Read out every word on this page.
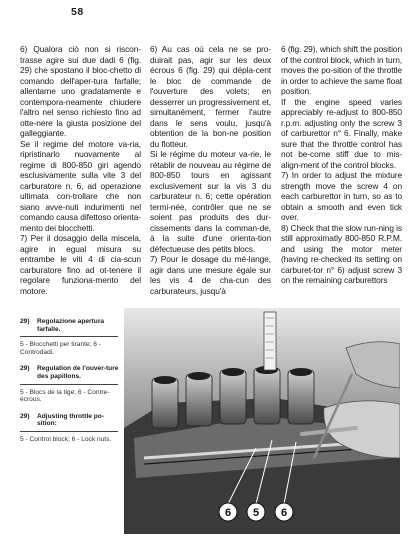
58

6) Qualora ciò non si riscon-trasse agire sui due dadi 6 (fig. 29) che spostano il bloc-chetto di comando dell'aper-tura farfalle; allentarne uno gradatamente e contempora-neamente chiudere l'altro nel senso richiesto fino ad otte-nere la giusta posizione del galleggiante.

Se il regime del motore va-ria, ripristinarlo nuovamente al regime di 800-850 giri agendo esclusivamente sulla vite 3 del carburatore n. 6, ad operazione ultimata con-trollare che non siano avve-nuti indurimenti nel comando causa difettoso orienta-mento dei blocchetti.

7) Per il dosaggio della miscela, agire in egual misura su entrambe le viti 4 di cia-scun carburatore fino ad ot-tenere il regolare funziona-mento del motore.

6) Au cas où cela ne se pro-duirait pas, agir sur les deux écrous 6 (fig. 29) qui dépla-cent le bloc de commande de l'ouverture des volets; en desserrer un progressivement et, simultanément, fermer l'autre dans le sens voulu, jusqu'à obtention de la bon-ne position du flotteur.

Si le régime du moteur va-rie, le rétablir de nouveau au régime de 800-850 tours en agissant exclusivement sur la vis 3 du carburateur n. 6; cette opération termi-née, contrôler que ne se soient pas produits des dur-cissements dans la comman-de, à la suite d'une orienta-tion défectueuse des petits blocs.

7) Pour le dosage du mé-lange, agir dans une mesure égale sur les vis 4 de cha-cun des carburateurs, jusqu'à

6 (fig. 29), which shift the position of the control block, which in turn, moves the po-sition of the throttle in order to achieve the same float position.

If the engine speed varies appreciably re-adjust to 800-850 r.p.m. adjusting only the screw 3 of carburettor n° 6. Finally, make sure that the throttle control has not be-come stiff due to mis-align-ment of the control blocks.

7) In order to adjust the mixture strength move the screw 4 on each carburettor in turn, so as to obtain a smooth and even tick over.

8) Check that the slow run-ning is still approximatly 800-850 R.P.M. and using the motor meter (having re-checked its setting on carburet-tor n° 6) adjust screw 3 on the remaining carburettors

29)	Regolazione apertura farfalle.
5 - Blocchetti per tirante; 6 - Controdadi.
29)	Regulation de l'ouver-ture des papillons.
5 - Blocs de la tige; 6 - Contre-écrous.
29)	Adjusting throttle po-sition:
5 - Control block; 6 - Lock nuts.
6 5 6
